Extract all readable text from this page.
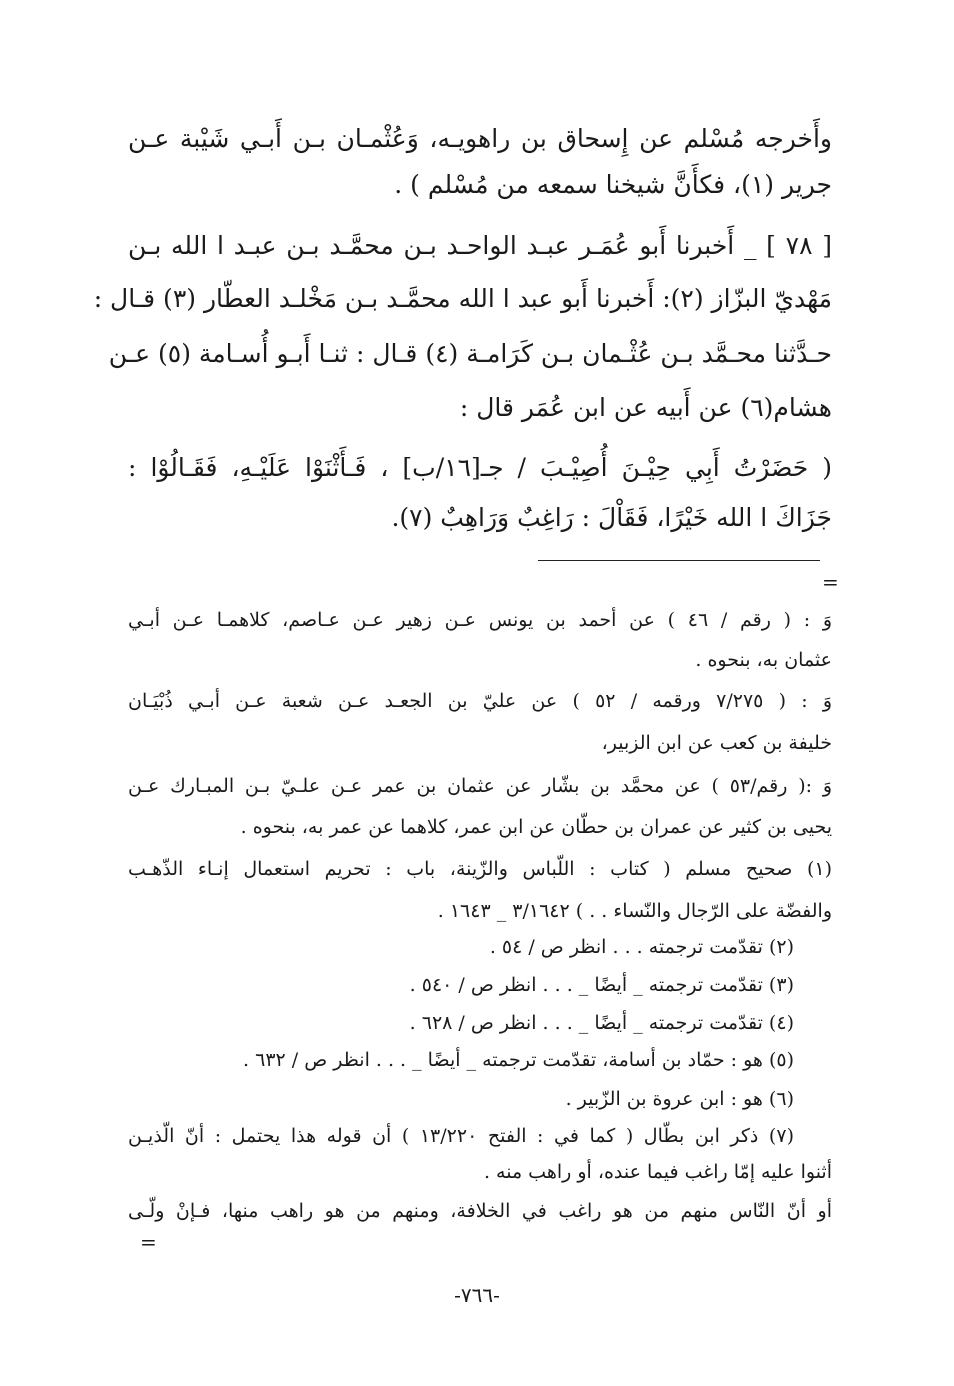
وأَخرجه مُسْلم عن إِسحاق بن راهويـه، وَعُثْمـان بـن أَبـي شَيْبة عـن
جرير (١)، فكأَنَّ شيخنا سمعه من مُسْلم ) .
[ ٧٨ ] _ أَخبرنا أَبو عُمَـر عبـد الواحـد بـن محمَّـد بـن عبـد ا الله بـن
مَهْديّ البزّاز (٢): أَخبرنا أَبو عبد ا الله محمَّـد بـن مَخْلـد العطّار (٣) قـال :
حـدَّثنا محـمَّد بـن عُثْـمان بـن كَرَامـة (٤) قـال : ثنـا أَبـو أُسـامة (٥) عـن
هشام(٦) عن أَبيه عن ابن عُمَر قال :
( حَضَرْتُ أَبِي حِيْـنَ أُصِيْـبَ / جـ[١٦/ب] ، فَـأَثْنَوْا عَلَيْـهِ، فَقَـالُوْا :
جَزَاكَ ا الله خَيْرًا، فَقَاْلَ : رَاغِبٌ وَرَاهِبٌ (٧).
=
وَ : ( رقم / ٤٦ ) عن أحمد بن يونس عـن زهير عـن عـاصم، كلاهمـا عـن أبـي
عثمان به، بنحوه .
وَ : ( ٧/٢٧٥ ورقمه / ٥٢ ) عن عليّ بن الجعـد عـن شعبة عـن أبـي ذُبْيَـان
خليفة بن كعب عن ابن الزبير،
وَ :( رقم/٥٣ ) عن محمَّد بن بشّار عن عثمان بن عمر عـن علـيّ بـن المبـارك عـن
يحيى بن كثير عن عمران بن حطّان عن ابن عمر، كلاهما عن عمر به، بنحوه .
(١) صحيح مسلم ( كتاب : اللّباس والزّينة، باب : تحريم استعمال إنـاء الذّهـب
والفضّة على الرّجال والنّساء . . ) ٣/١٦٤٢ _ ١٦٤٣ .
(٢) تقدّمت ترجمته . . . انظر ص / ٥٤ .
(٣) تقدّمت ترجمته _ أيضًا _ . . . انظر ص / ٥٤٠ .
(٤) تقدّمت ترجمته _ أيضًا _ . . . انظر ص / ٦٢٨ .
(٥) هو : حمّاد بن أسامة، تقدّمت ترجمته _ أيضًا _ . . . انظر ص / ٦٣٢ .
(٦) هو : ابن عروة بن الزّبير .
(٧) ذكر ابن بطّال ( كما في : الفتح ١٣/٢٢٠ ) أن قوله هذا يحتمل : أنّ الّذيـن
أثنوا عليه إمّا راغب فيما عنده، أو راهب منه .
أو أنّ النّاس منهم من هو راغب في الخلافة، ومنهم من هو راهب منها، فـإنْ ولّـى
=
-٧٦٦-
